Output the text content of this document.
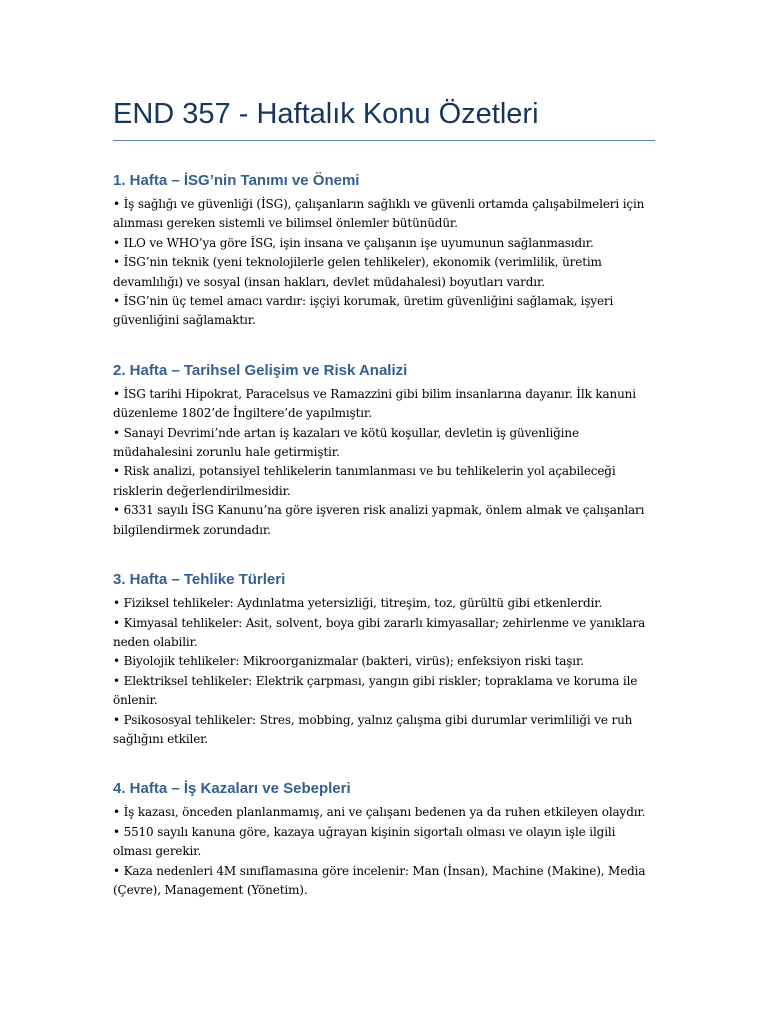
END 357 - Haftalık Konu Özetleri
1. Hafta – İSG’nin Tanımı ve Önemi
• İş sağlığı ve güvenliği (İSG), çalışanların sağlıklı ve güvenli ortamda çalışabilmeleri için alınması gereken sistemli ve bilimsel önlemler bütünüdür.
• ILO ve WHO’ya göre İSG, işin insana ve çalışanın işe uyumunun sağlanmasıdır.
• İSG’nin teknik (yeni teknolojilerle gelen tehlikeler), ekonomik (verimlilik, üretim devamlılığı) ve sosyal (insan hakları, devlet müdahalesi) boyutları vardır.
• İSG’nin üç temel amacı vardır: işçiyi korumak, üretim güvenliğini sağlamak, işyeri güvenliğini sağlamaktır.
2. Hafta – Tarihsel Gelişim ve Risk Analizi
• İSG tarihi Hipokrat, Paracelsus ve Ramazzini gibi bilim insanlarına dayanır. İlk kanuni düzenleme 1802’de İngiltere’de yapılmıştır.
• Sanayi Devrimi’nde artan iş kazaları ve kötü koşullar, devletin iş güvenliğine müdahalesini zorunlu hale getirmiştir.
• Risk analizi, potansiyel tehlikelerin tanımlanması ve bu tehlikelerin yol açabileceği risklerin değerlendirilmesidir.
• 6331 sayılı İSG Kanunu’na göre işveren risk analizi yapmak, önlem almak ve çalışanları bilgilendirmek zorundadır.
3. Hafta – Tehlike Türleri
• Fiziksel tehlikeler: Aydınlatma yetersizliği, titreşim, toz, gürültü gibi etkenlerdir.
• Kimyasal tehlikeler: Asit, solvent, boya gibi zararlı kimyasallar; zehirlenme ve yanıklara neden olabilir.
• Biyolojik tehlikeler: Mikroorganizmalar (bakteri, virüs); enfeksiyon riski taşır.
• Elektriksel tehlikeler: Elektrik çarpması, yangın gibi riskler; topraklama ve koruma ile önlenir.
• Psikososyal tehlikeler: Stres, mobbing, yalnız çalışma gibi durumlar verimliliği ve ruh sağlığını etkiler.
4. Hafta – İş Kazaları ve Sebepleri
• İş kazası, önceden planlanmamış, ani ve çalışanı bedenen ya da ruhen etkileyen olaydır.
• 5510 sayılı kanuna göre, kazaya uğrayan kişinin sigortalı olması ve olayın işle ilgili olması gerekir.
• Kaza nedenleri 4M sınıflamasına göre incelenir: Man (İnsan), Machine (Makine), Media (Çevre), Management (Yönetim).
